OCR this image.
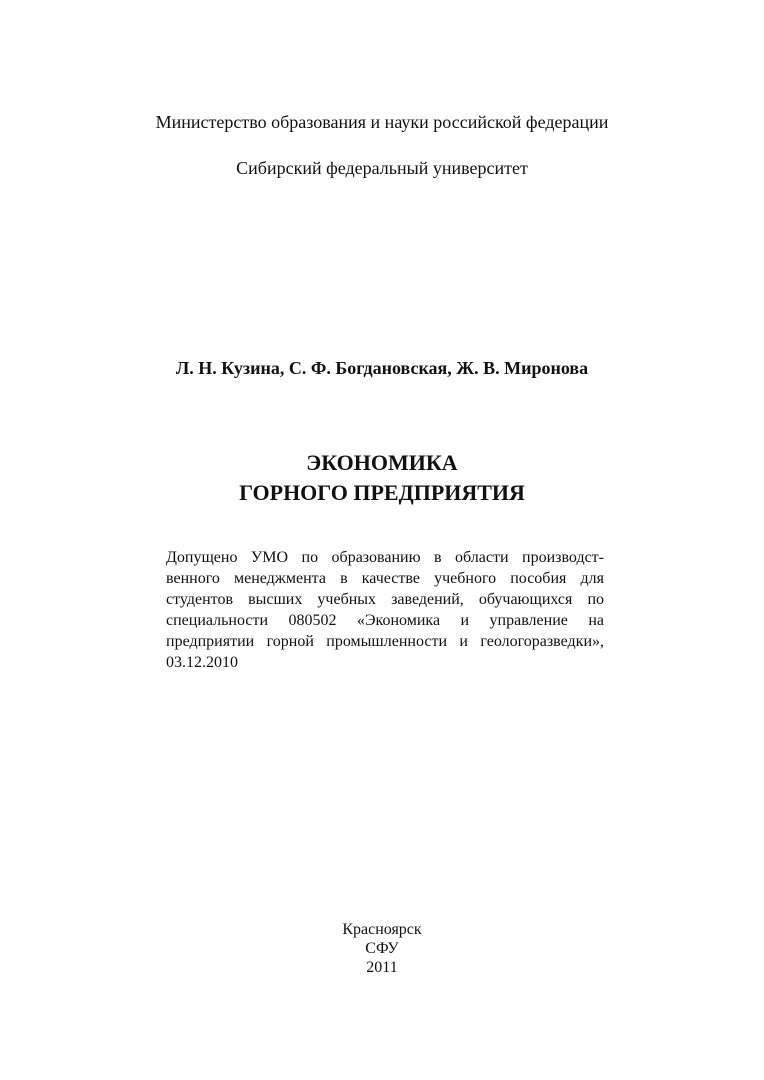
Министерство образования и науки российской федерации
Сибирский федеральный университет
Л. Н. Кузина, С. Ф. Богдановская, Ж. В. Миронова
ЭКОНОМИКА
ГОРНОГО ПРЕДПРИЯТИЯ
Допущено УМО по образованию в области производст-
венного менеджмента в качестве учебного пособия для
студентов высших учебных заведений, обучающихся по
специальности 080502 «Экономика и управление на
предприятии горной промышленности и геологоразведки»,
03.12.2010
Красноярск
СФУ
2011
